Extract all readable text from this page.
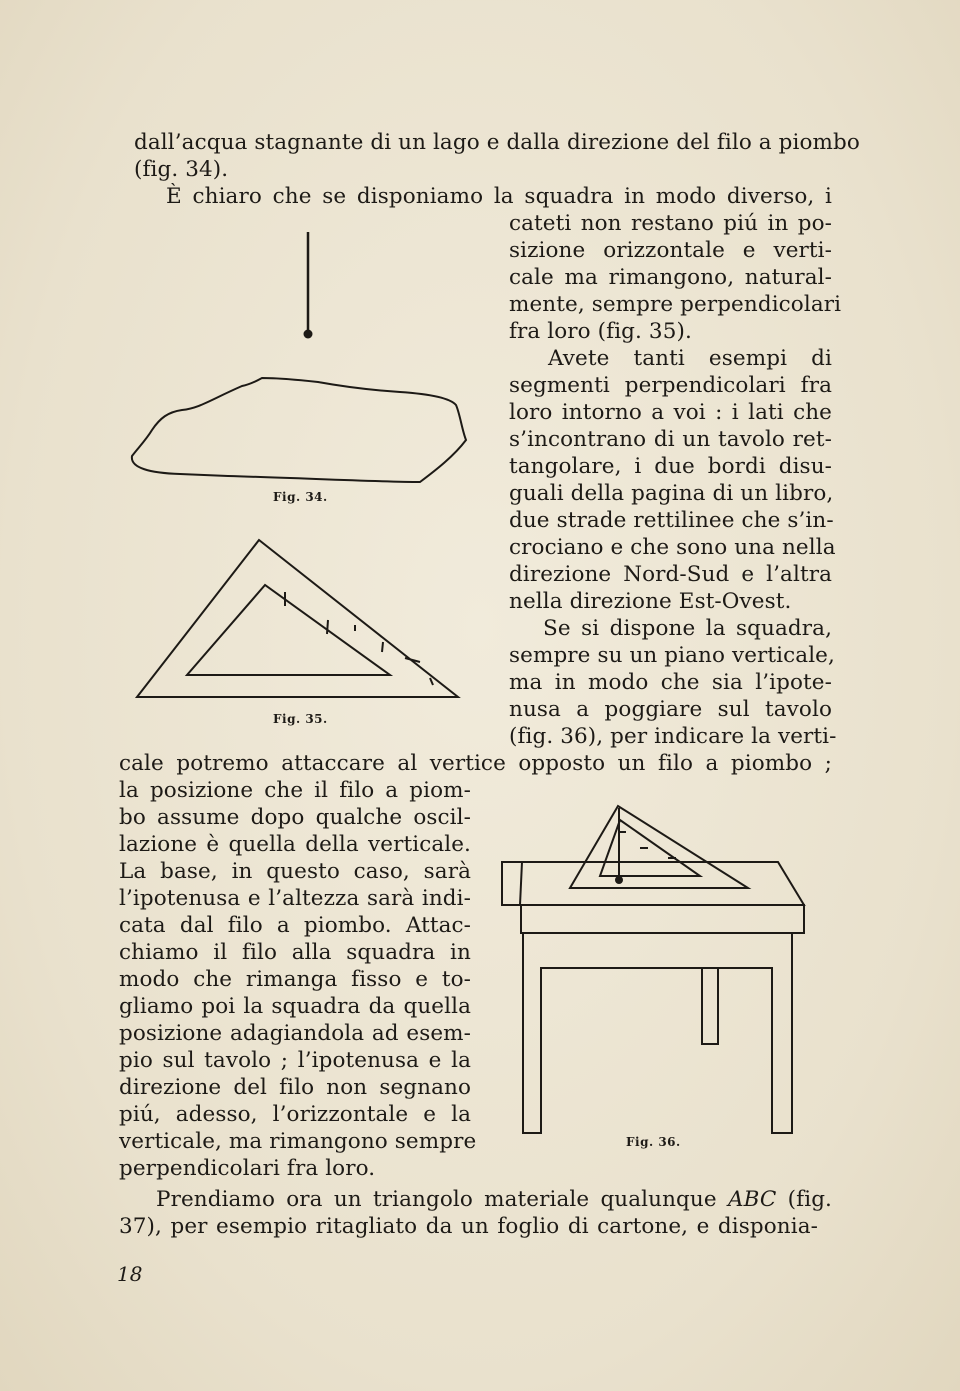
dall’acqua stagnante di un lago e dalla direzione del filo a piombo
(fig. 34).
È chiaro che se disponiamo la squadra in modo diverso, i
cateti non restano piú in po-
sizione orizzontale e verti-
cale ma rimangono, natural-
mente, sempre perpendicolari
fra loro (fig. 35).
Avete tanti esempi di
segmenti perpendicolari fra
loro intorno a voi : i lati che
s’incontrano di un tavolo ret-
tangolare, i due bordi disu-
guali della pagina di un libro,
due strade rettilinee che s’in-
crociano e che sono una nella
direzione Nord-Sud e l’altra
nella direzione Est-Ovest.
Se si dispone la squadra,
sempre su un piano verticale,
ma in modo che sia l’ipote-
nusa a poggiare sul tavolo
(fig. 36), per indicare la verti-
cale potremo attaccare al vertice opposto un filo a piombo ;
la posizione che il filo a piom-
bo assume dopo qualche oscil-
lazione è quella della verticale.
La base, in questo caso, sarà
l’ipotenusa e l’altezza sarà indi-
cata dal filo a piombo. Attac-
chiamo il filo alla squadra in
modo che rimanga fisso e to-
gliamo poi la squadra da quella
posizione adagiandola ad esem-
pio sul tavolo ; l’ipotenusa e la
direzione del filo non segnano
piú, adesso, l’orizzontale e la
verticale, ma rimangono sempre
perpendicolari fra loro.
Prendiamo ora un triangolo materiale qualunque ABC (fig.
37), per esempio ritagliato da un foglio di cartone, e disponia-
Fig. 34.
Fig. 35.
Fig. 36.
18
